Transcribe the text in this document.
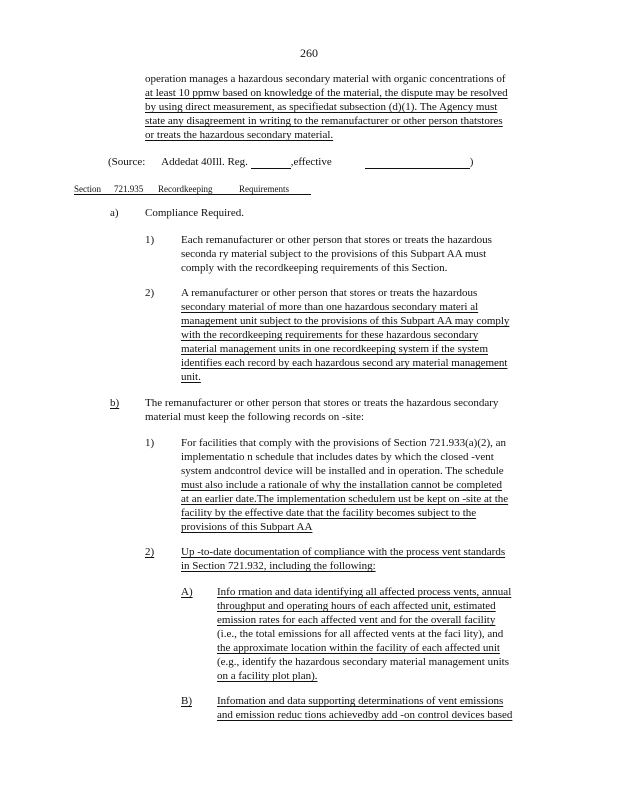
260
operation manages a hazardous secondary material with organic concentrations of
at least 10 ppmw based on knowledge of the material, the dispute may be resolved
by using direct measurement, as specifiedat subsection (d)(1). The Agency must
state any disagreement in writing to the remanufacturer or other person thatstores
or treats the hazardous secondary material.
(Source: Addedat 40Ill. Reg.	,effective	)
Section 721.935 Recordkeeping	Requirements
a) Compliance Required.
1) Each remanufacturer or other person that stores or treats the hazardous
seconda ry material subject to the provisions of this Subpart AA must
comply with the recordkeeping requirements of this Section.
2) A remanufacturer or other person that stores or treats the hazardous
secondary material of more than one hazardous secondary materi al
management unit subject to the provisions of this Subpart AA may comply
with the recordkeeping requirements for these hazardous secondary
material management units in one recordkeeping system if the system
identifies each record by each hazardous second ary material management
unit.
b) The remanufacturer or other person that stores or treats the hazardous secondary
material must keep the following records on -site:
1) For facilities that comply with the provisions of Section 721.933(a)(2), an
implementatio n schedule that includes dates by which the closed -vent
system andcontrol device will be installed and in operation. The schedule
must also include a rationale of why the installation cannot be completed
at an earlier date.The implementation schedulem ust be kept on -site at the
facility by the effective date that the facility becomes subject to the
provisions of this Subpart AA
2) Up -to-date documentation of compliance with the process vent standards
in Section 721.932, including the following:
A) Info rmation and data identifying all affected process vents, annual
throughput and operating hours of each affected unit, estimated
emission rates for each affected vent and for the overall facility
(i.e., the total emissions for all affected vents at the faci lity), and
the approximate location within the facility of each affected unit
(e.g., identify the hazardous secondary material management units
on a facility plot plan).
B) Infomation and data supporting determinations of vent emissions
and emission reduc tions achievedby add -on control devices based
